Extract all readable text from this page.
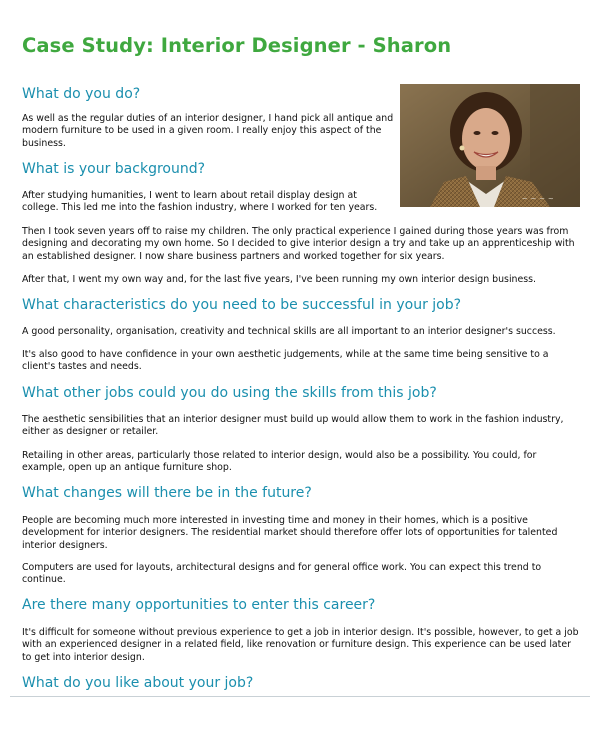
Case Study: Interior Designer - Sharon
~ ~ ~ ~
What do you do?
As well as the regular duties of an interior designer, I hand pick all antique and modern furniture to be used in a given room. I really enjoy this aspect of the business.
What is your background?
After studying humanities, I went to learn about retail display design at college. This led me into the fashion industry, where I worked for ten years.
Then I took seven years off to raise my children. The only practical experience I gained during those years was from designing and decorating my own home. So I decided to give interior design a try and take up an apprenticeship with an established designer. I now share business partners and worked together for six years.
After that, I went my own way and, for the last five years, I've been running my own interior design business.
What characteristics do you need to be successful in your job?
A good personality, organisation, creativity and technical skills are all important to an interior designer's success.
It's also good to have confidence in your own aesthetic judgements, while at the same time being sensitive to a client's tastes and needs.
What other jobs could you do using the skills from this job?
The aesthetic sensibilities that an interior designer must build up would allow them to work in the fashion industry, either as designer or retailer.
Retailing in other areas, particularly those related to interior design, would also be a possibility. You could, for example, open up an antique furniture shop.
What changes will there be in the future?
People are becoming much more interested in investing time and money in their homes, which is a positive development for interior designers. The residential market should therefore offer lots of opportunities for talented interior designers.
Computers are used for layouts, architectural designs and for general office work. You can expect this trend to continue.
Are there many opportunities to enter this career?
It's difficult for someone without previous experience to get a job in interior design. It's possible, however, to get a job with an experienced designer in a related field, like renovation or furniture design. This experience can be used later to get into interior design.
What do you like about your job?
